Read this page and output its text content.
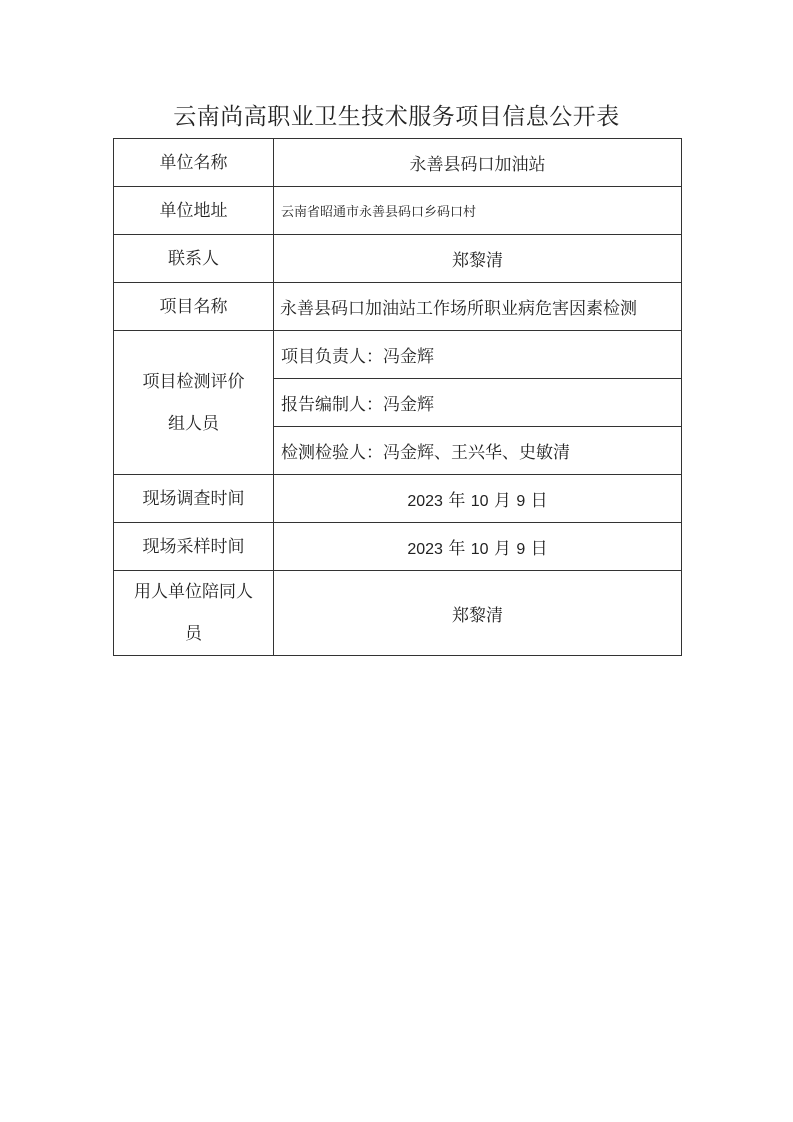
云南尚高职业卫生技术服务项目信息公开表
单位名称	永善县码口加油站
单位地址	云南省昭通市永善县码口乡码口村
联系人	郑黎清
项目名称	永善县码口加油站工作场所职业病危害因素检测

项目检测评价
组人员	项目负责人：冯金辉
	报告编制人：冯金辉
	检测检验人：冯金辉、王兴华、史敏清
现场调查时间	2023 年 10 月 9 日
现场采样时间	2023 年 10 月 9 日

用人单位陪同人
员	郑黎清
